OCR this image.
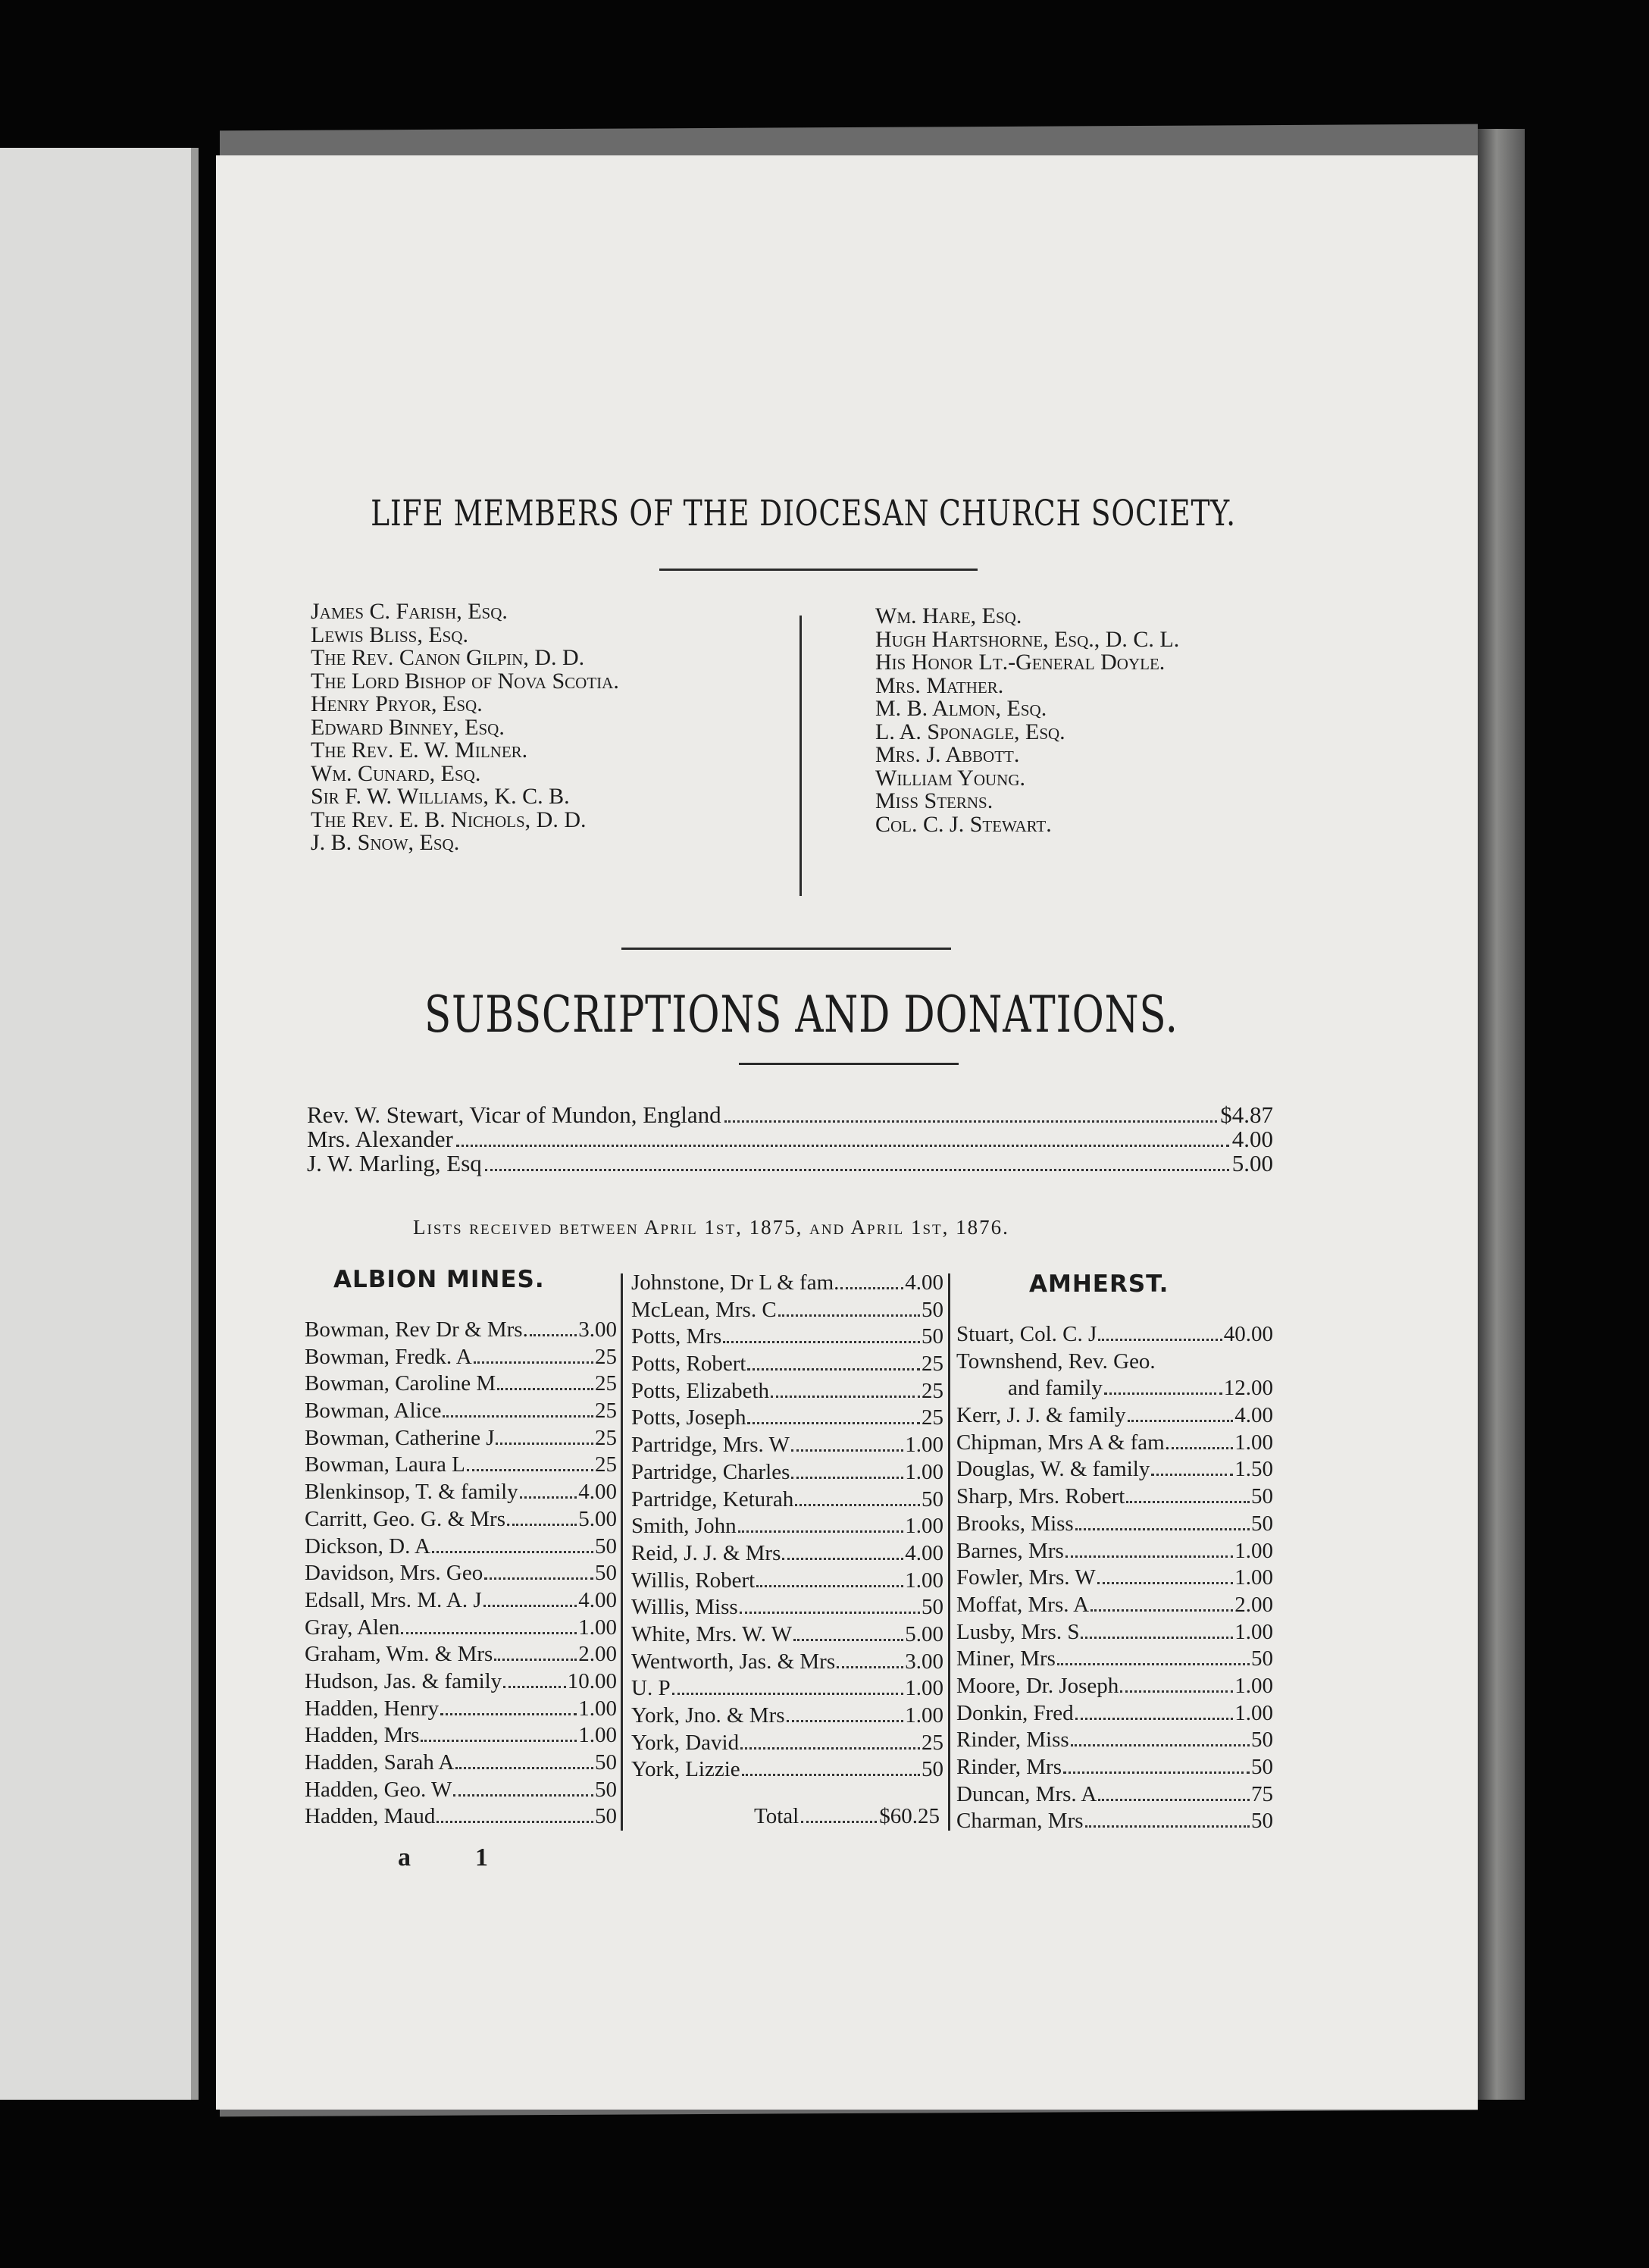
LIFE MEMBERS OF THE DIOCESAN CHURCH SOCIETY.
James C. Farish, Esq.
Lewis Bliss, Esq.
The Rev. Canon Gilpin, D. D.
The Lord Bishop of Nova Scotia.
Henry Pryor, Esq.
Edward Binney, Esq.
The Rev. E. W. Milner.
Wm. Cunard, Esq.
Sir F. W. Williams, K. C. B.
The Rev. E. B. Nichols, D. D.
J. B. Snow, Esq.
Wm. Hare, Esq.
Hugh Hartshorne, Esq., D. C. L.
His Honor Lt.-General Doyle.
Mrs. Mather.
M. B. Almon, Esq.
L. A. Sponagle, Esq.
Mrs. J. Abbott.
William Young.
Miss Sterns.
Col. C. J. Stewart.
SUBSCRIPTIONS AND DONATIONS.
Rev. W. Stewart, Vicar of Mundon, England	$4.87
Mrs. Alexander	4.00
J. W. Marling, Esq	5.00
Lists received between April 1st, 1875, and April 1st, 1876.
ALBION MINES.	AMHERST.
Bowman, Rev Dr & Mrs. 3.00
Bowman, Fredk. A	25
Bowman, Caroline M	25
Bowman, Alice	25
Bowman, Catherine J	25
Bowman, Laura L	25
Blenkinsop, T. & family	4.00
Carritt, Geo. G. & Mrs.	5.00
Dickson, D. A	50
Davidson, Mrs. Geo	50
Edsall, Mrs. M. A. J	4.00
Gray, Alen	1.00
Graham, Wm. & Mrs	2.00
Hudson, Jas. & family	10.00
Hadden, Henry	1.00
Hadden, Mrs	1.00
Hadden, Sarah A	50
Hadden, Geo. W	50
Hadden, Maud	50
Johnstone, Dr L & fam.	4.00
McLean, Mrs. C	50
Potts, Mrs	50
Potts, Robert	25
Potts, Elizabeth	25
Potts, Joseph	25
Partridge, Mrs. W	1.00
Partridge, Charles	1.00
Partridge, Keturah	50
Smith, John	1.00
Reid, J. J. & Mrs	4.00
Willis, Robert	1.00
Willis, Miss	50
White, Mrs. W. W	5.00
Wentworth, Jas. & Mrs	3.00
U. P	1.00
York, Jno. & Mrs	1.00
York, David	25
York, Lizzie	50
Stuart, Col. C. J	40.00
Townshend, Rev. Geo.
and family	12.00
Kerr, J. J. & family	4.00
Chipman, Mrs A & fam.	1.00
Douglas, W. & family	1.50
Sharp, Mrs. Robert	50
Brooks, Miss	50
Barnes, Mrs	1.00
Fowler, Mrs. W	1.00
Moffat, Mrs. A	2.00
Lusby, Mrs. S	1.00
Miner, Mrs	50
Moore, Dr. Joseph	1.00
Donkin, Fred	1.00
Rinder, Miss	50
Rinder, Mrs	50
Duncan, Mrs. A	75
Charman, Mrs	50
Total	$60.25
a	1
